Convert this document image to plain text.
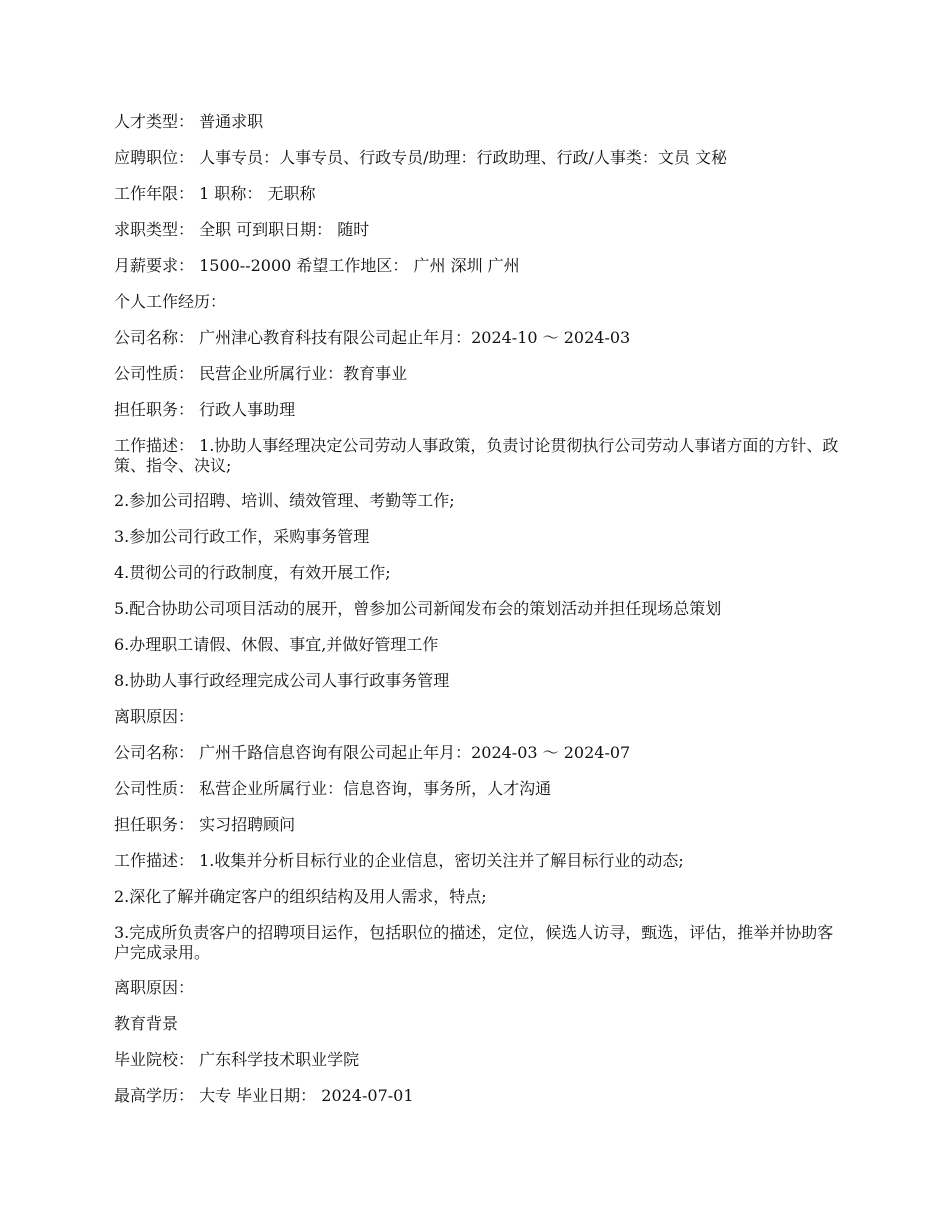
人才类型： 普通求职
应聘职位： 人事专员：人事专员、行政专员/助理：行政助理、行政/人事类：文员 文秘
工作年限： 1 职称： 无职称
求职类型： 全职 可到职日期： 随时
月薪要求： 1500--2000 希望工作地区： 广州 深圳 广州
个人工作经历：
公司名称： 广州津心教育科技有限公司起止年月：2024-10 ～ 2024-03
公司性质： 民营企业所属行业：教育事业
担任职务： 行政人事助理
工作描述： 1.协助人事经理决定公司劳动人事政策，负责讨论贯彻执行公司劳动人事诸方面的方针、政策、指令、决议;
2.参加公司招聘、培训、绩效管理、考勤等工作;
3.参加公司行政工作，采购事务管理
4.贯彻公司的行政制度，有效开展工作;
5.配合协助公司项目活动的展开，曾参加公司新闻发布会的策划活动并担任现场总策划
6.办理职工请假、休假、事宜,并做好管理工作
8.协助人事行政经理完成公司人事行政事务管理
离职原因：
公司名称： 广州千路信息咨询有限公司起止年月：2024-03 ～ 2024-07
公司性质： 私营企业所属行业：信息咨询，事务所，人才沟通
担任职务： 实习招聘顾问
工作描述： 1.收集并分析目标行业的企业信息，密切关注并了解目标行业的动态;
2.深化了解并确定客户的组织结构及用人需求，特点;
3.完成所负责客户的招聘项目运作，包括职位的描述，定位，候选人访寻，甄选，评估，推举并协助客户完成录用。
离职原因：
教育背景
毕业院校： 广东科学技术职业学院
最高学历： 大专 毕业日期： 2024-07-01
